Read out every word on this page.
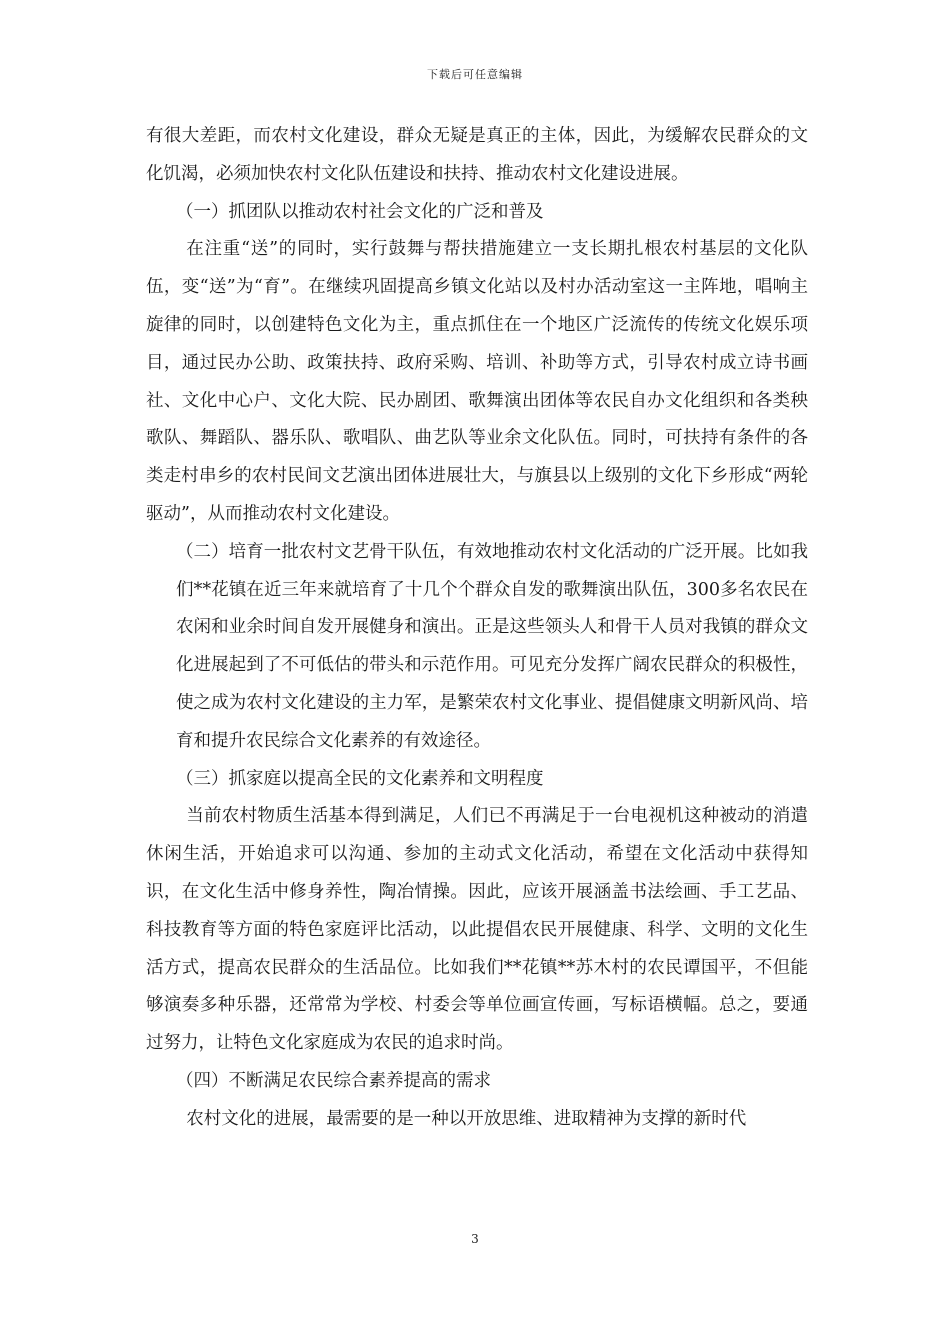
下载后可任意编辑

有很大差距，而农村文化建设，群众无疑是真正的主体，因此，为缓解农民群众的文化饥渴，必须加快农村文化队伍建设和扶持、推动农村文化建设进展。

（一）抓团队以推动农村社会文化的广泛和普及

在注重“送”的同时，实行鼓舞与帮扶措施建立一支长期扎根农村基层的文化队伍，变“送”为“育”。在继续巩固提高乡镇文化站以及村办活动室这一主阵地，唱响主旋律的同时，以创建特色文化为主，重点抓住在一个地区广泛流传的传统文化娱乐项目，通过民办公助、政策扶持、政府采购、培训、补助等方式，引导农村成立诗书画社、文化中心户、文化大院、民办剧团、歌舞演出团体等农民自办文化组织和各类秧歌队、舞蹈队、器乐队、歌唱队、曲艺队等业余文化队伍。同时，可扶持有条件的各类走村串乡的农村民间文艺演出团体进展壮大，与旗县以上级别的文化下乡形成“两轮驱动”，从而推动农村文化建设。

（二）培育一批农村文艺骨干队伍，有效地推动农村文化活动的广泛开展。比如我们**花镇在近三年来就培育了十几个个群众自发的歌舞演出队伍，300多名农民在农闲和业余时间自发开展健身和演出。正是这些领头人和骨干人员对我镇的群众文化进展起到了不可低估的带头和示范作用。可见充分发挥广阔农民群众的积极性，使之成为农村文化建设的主力军，是繁荣农村文化事业、提倡健康文明新风尚、培育和提升农民综合文化素养的有效途径。

（三）抓家庭以提高全民的文化素养和文明程度

当前农村物质生活基本得到满足，人们已不再满足于一台电视机这种被动的消遣休闲生活，开始追求可以沟通、参加的主动式文化活动，希望在文化活动中获得知识，在文化生活中修身养性，陶冶情操。因此，应该开展涵盖书法绘画、手工艺品、科技教育等方面的特色家庭评比活动，以此提倡农民开展健康、科学、文明的文化生活方式，提高农民群众的生活品位。比如我们**花镇**苏木村的农民谭国平，不但能够演奏多种乐器，还常常为学校、村委会等单位画宣传画，写标语横幅。总之，要通过努力，让特色文化家庭成为农民的追求时尚。

（四）不断满足农民综合素养提高的需求

农村文化的进展，最需要的是一种以开放思维、进取精神为支撑的新时代

3
